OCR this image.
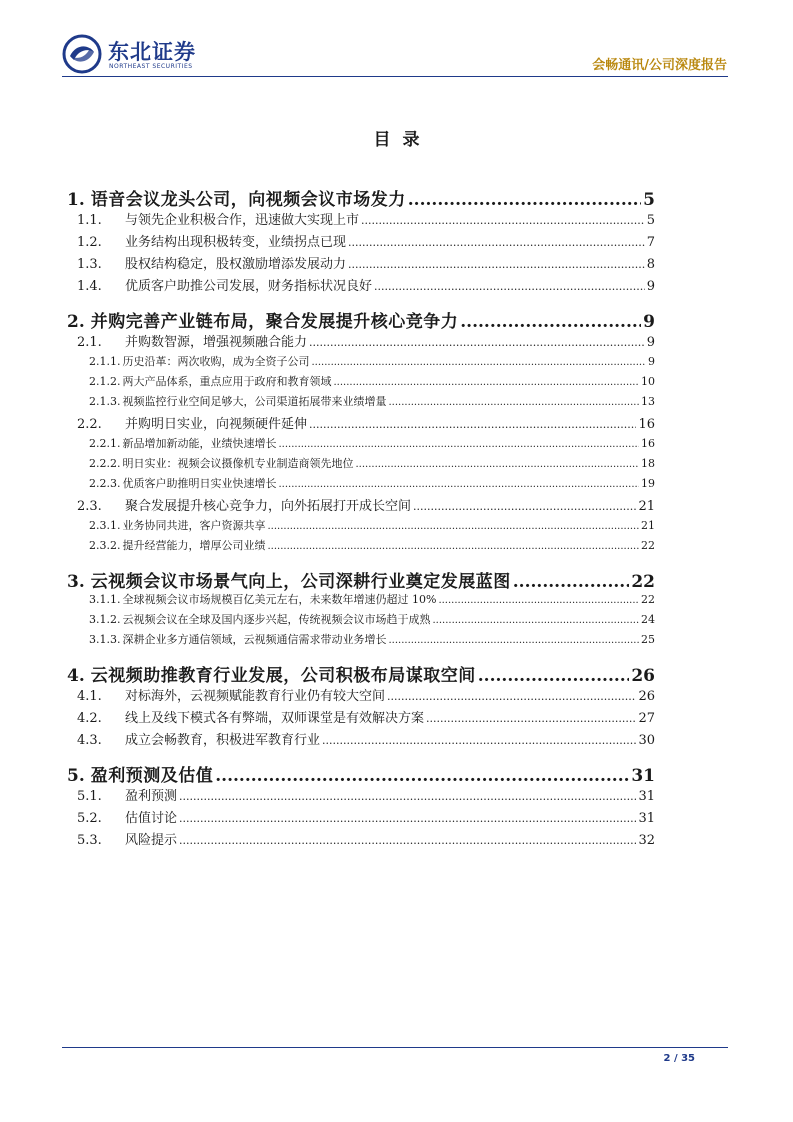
东北证券
NORTHEAST SECURITIES	会畅通讯/公司深度报告
目录
1. 语音会议龙头公司，向视频会议市场发力 .....	5
1.1.	与领先企业积极合作，迅速做大实现上市 .....	5
1.2.	业务结构出现积极转变，业绩拐点已现 .....	7
1.3.	股权结构稳定，股权激励增添发展动力 .....	8
1.4.	优质客户助推公司发展，财务指标状况良好 .....	9
2. 并购完善产业链布局，聚合发展提升核心竞争力 .....	9
2.1.	并购数智源，增强视频融合能力 .....	9
2.1.1. 历史沿革：两次收购，成为全资子公司 .....	9
2.1.2. 两大产品体系，重点应用于政府和教育领域 .....	10
2.1.3. 视频监控行业空间足够大，公司渠道拓展带来业绩增量 .....	13
2.2.	并购明日实业，向视频硬件延伸 .....	16
2.2.1. 新品增加新动能，业绩快速增长 .....	16
2.2.2. 明日实业：视频会议摄像机专业制造商领先地位 .....	18
2.2.3. 优质客户助推明日实业快速增长 .....	19
2.3.	聚合发展提升核心竞争力，向外拓展打开成长空间 .....	21
2.3.1. 业务协同共进，客户资源共享 .....	21
2.3.2. 提升经营能力，增厚公司业绩 .....	22
3. 云视频会议市场景气向上，公司深耕行业奠定发展蓝图 .....	22
3.1.1. 全球视频会议市场规模百亿美元左右，未来数年增速仍超过 10% .....	22
3.1.2. 云视频会议在全球及国内逐步兴起，传统视频会议市场趋于成熟 .....	24
3.1.3. 深耕企业多方通信领域，云视频通信需求带动业务增长 .....	25
4. 云视频助推教育行业发展，公司积极布局谋取空间 .....	26
4.1.	对标海外，云视频赋能教育行业仍有较大空间 .....	26
4.2.	线上及线下模式各有弊端，双师课堂是有效解决方案 .....	27
4.3.	成立会畅教育，积极进军教育行业 .....	30
5. 盈利预测及估值 .....	31
5.1.	盈利预测 .....	31
5.2.	估值讨论 .....	31
5.3.	风险提示 .....	32
2 / 35
